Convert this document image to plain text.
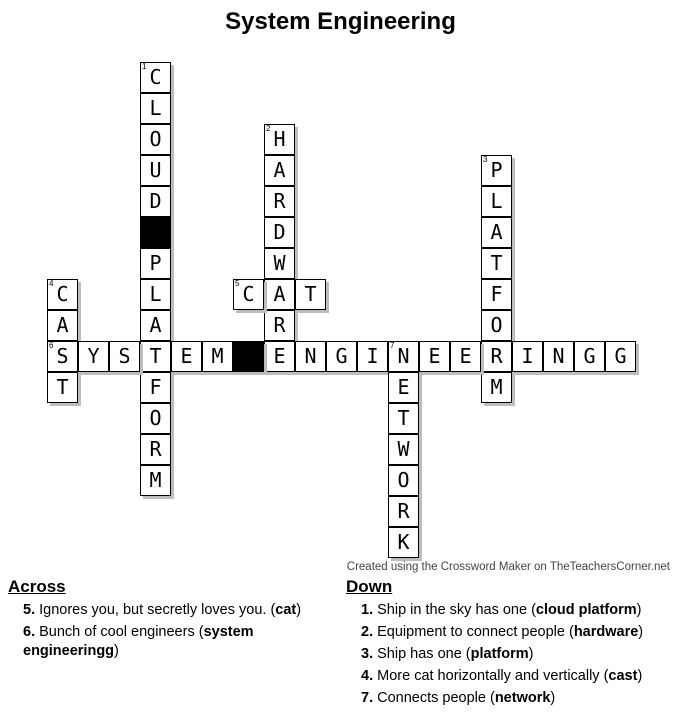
System Engineering
1 C
L
O
U
D
P
L
A
T
F
O
R
M
2 H
A
R
D
W
A
R
E
3 P
L
A
T
F
O
R
M
4 C
A
6 S
T
5 C	T
Y S	E M	N G I	7 N E E	I N G G
E
T
W
O
R
K
Created using the Crossword Maker on TheTeachersCorner.net
Across
5. Ignores you, but secretly loves you. (cat)
6. Bunch of cool engineers (system engineeringg)
Down
1. Ship in the sky has one (cloud platform)
2. Equipment to connect people (hardware)
3. Ship has one (platform)
4. More cat horizontally and vertically (cast)
7. Connects people (network)
